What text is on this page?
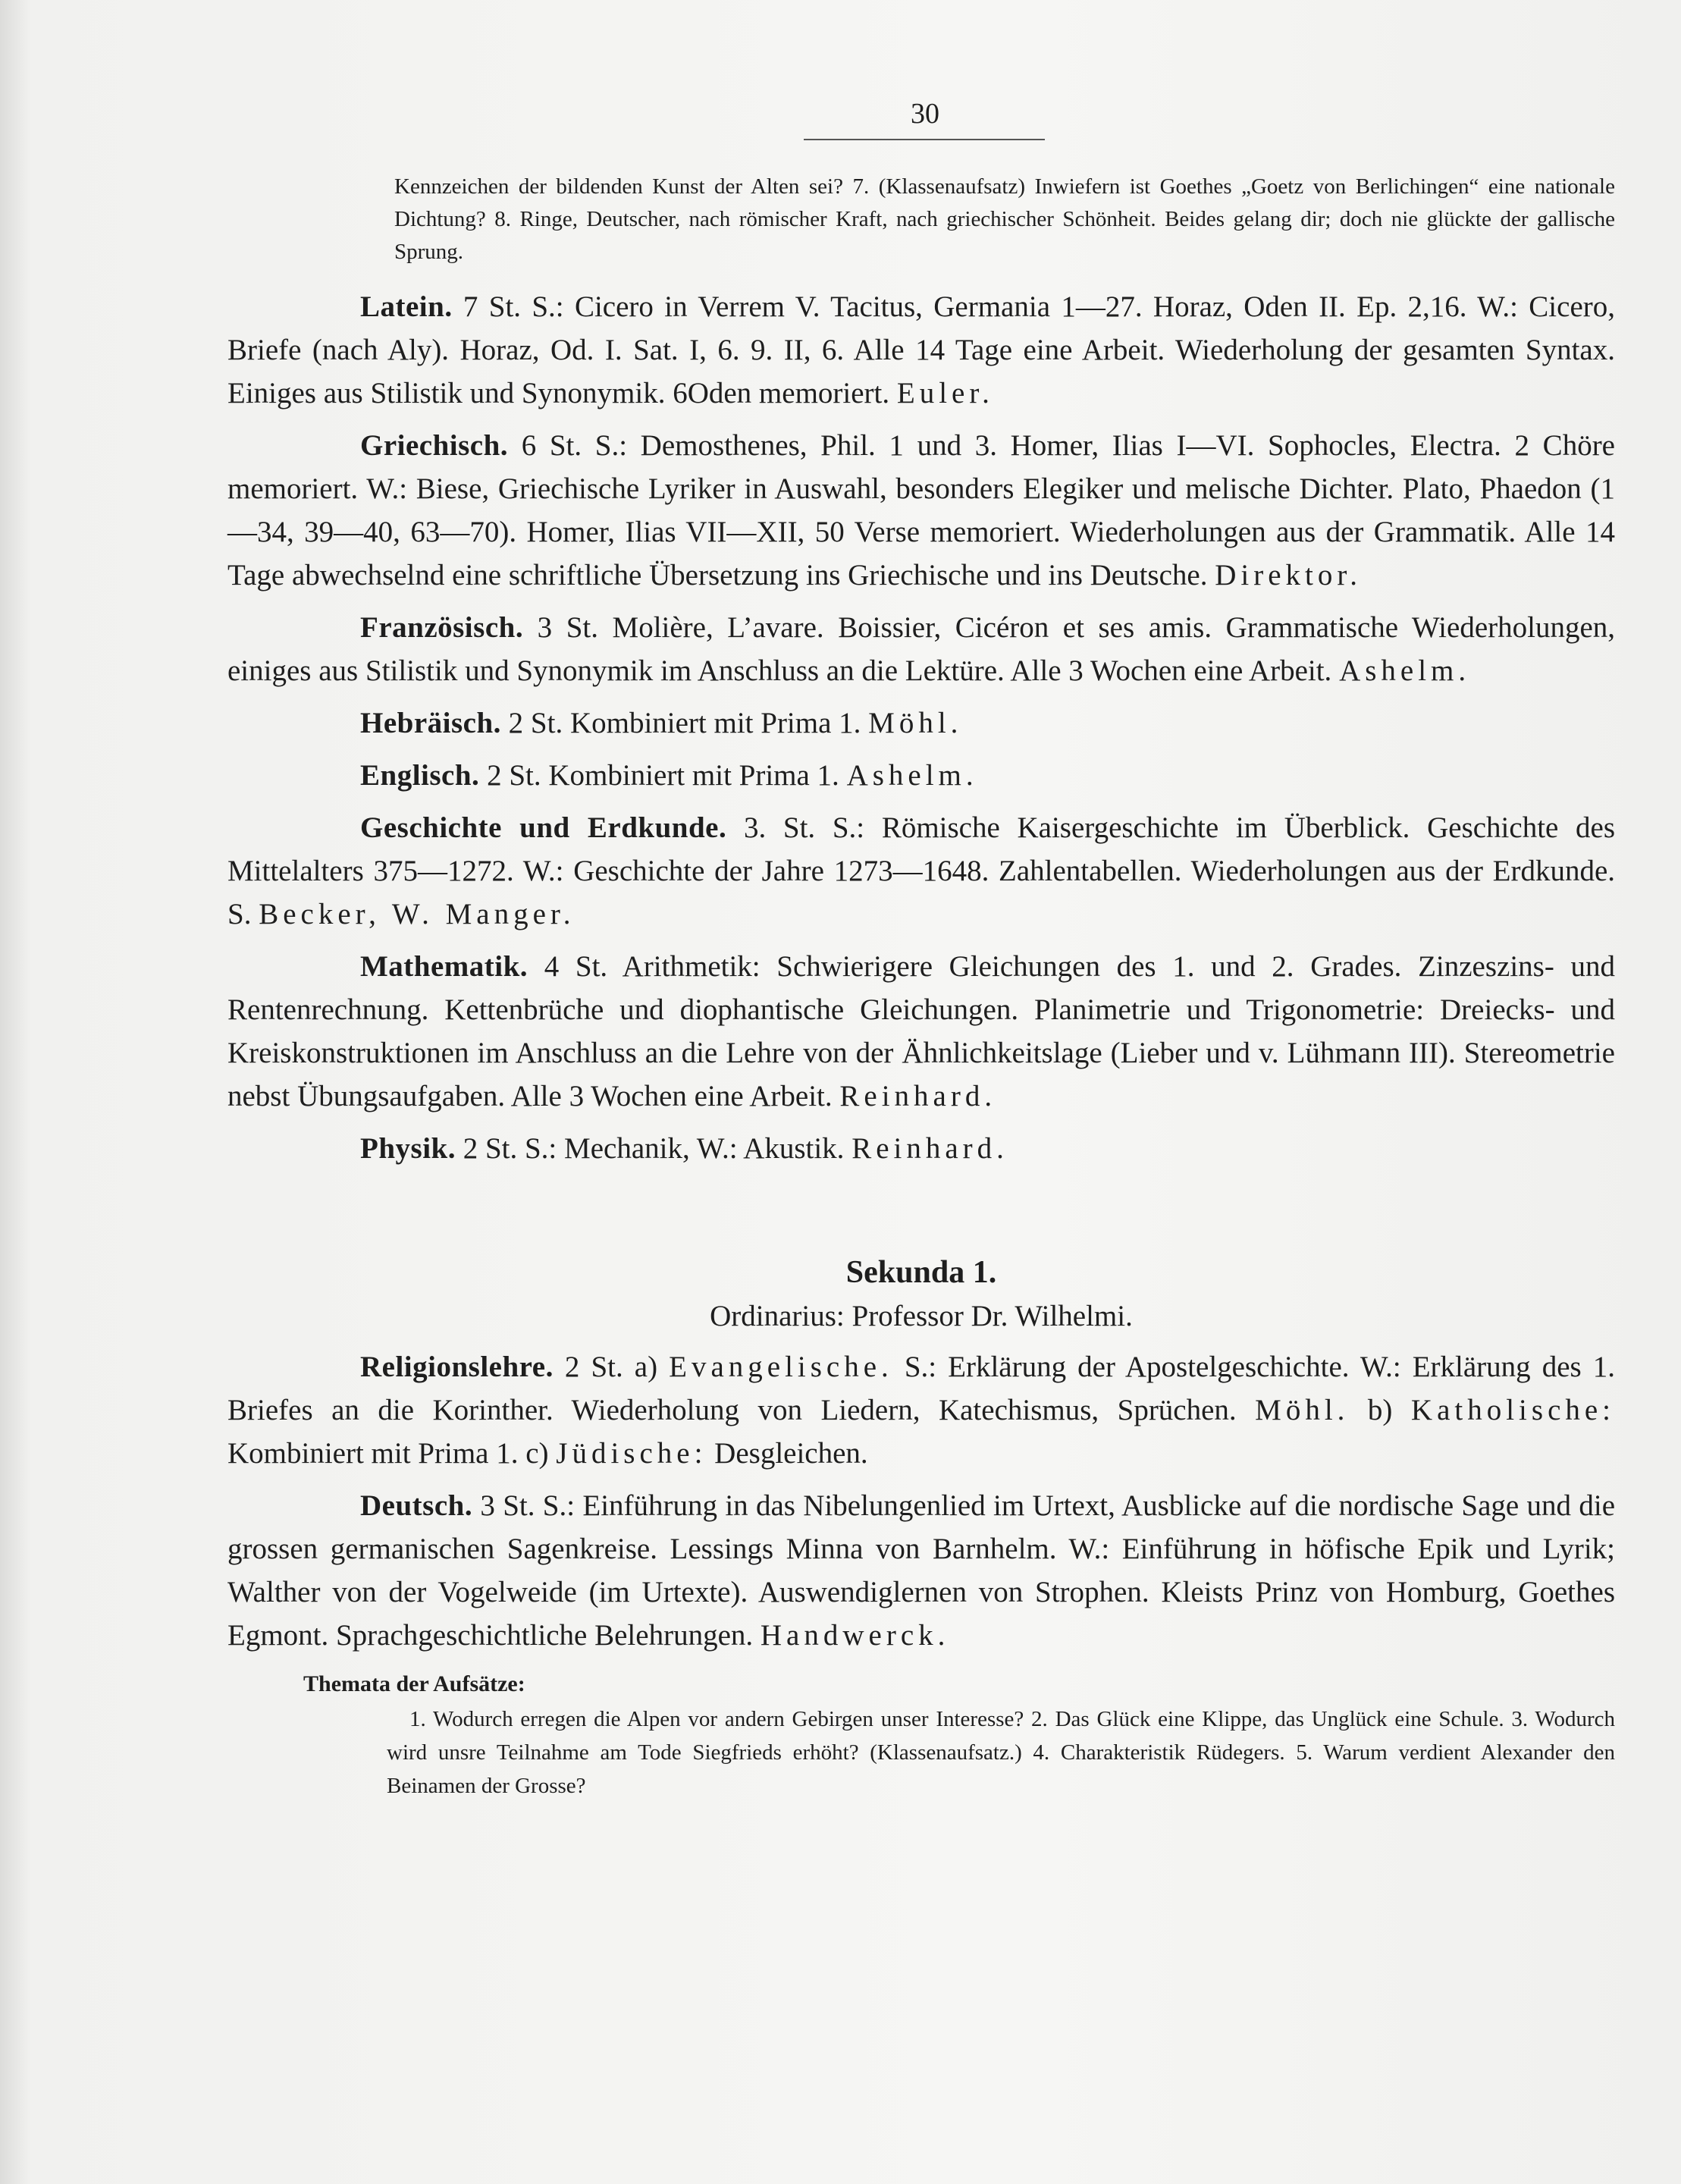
30

Kennzeichen der bildenden Kunst der Alten sei? 7. (Klassenaufsatz) Inwiefern ist Goethes „Goetz von Berlichingen“ eine nationale Dichtung? 8. Ringe, Deutscher, nach römischer Kraft, nach griechischer Schönheit. Beides gelang dir; doch nie glückte der gallische Sprung.

Latein. 7 St. S.: Cicero in Verrem V. Tacitus, Germania 1—27. Horaz, Oden II. Ep. 2,16. W.: Cicero, Briefe (nach Aly). Horaz, Od. I. Sat. I, 6. 9. II, 6. Alle 14 Tage eine Arbeit. Wiederholung der gesamten Syntax. Einiges aus Stilistik und Synonymik. 6Oden memoriert. Euler.

Griechisch. 6 St. S.: Demosthenes, Phil. 1 und 3. Homer, Ilias I—VI. Sophocles, Electra. 2 Chöre memoriert. W.: Biese, Griechische Lyriker in Auswahl, besonders Elegiker und melische Dichter. Plato, Phaedon (1—34, 39—40, 63—70). Homer, Ilias VII—XII, 50 Verse memoriert. Wiederholungen aus der Grammatik. Alle 14 Tage abwechselnd eine schriftliche Übersetzung ins Griechische und ins Deutsche. Direktor.

Französisch. 3 St. Molière, L’avare. Boissier, Cicéron et ses amis. Grammatische Wiederholungen, einiges aus Stilistik und Synonymik im Anschluss an die Lektüre. Alle 3 Wochen eine Arbeit. Ashelm.

Hebräisch. 2 St. Kombiniert mit Prima 1. Möhl.

Englisch. 2 St. Kombiniert mit Prima 1. Ashelm.

Geschichte und Erdkunde. 3. St. S.: Römische Kaisergeschichte im Überblick. Geschichte des Mittelalters 375—1272. W.: Geschichte der Jahre 1273—1648. Zahlentabellen. Wiederholungen aus der Erdkunde. S. Becker, W. Manger.

Mathematik. 4 St. Arithmetik: Schwierigere Gleichungen des 1. und 2. Grades. Zinzeszins- und Rentenrechnung. Kettenbrüche und diophantische Gleichungen. Planimetrie und Trigonometrie: Dreiecks- und Kreiskonstruktionen im Anschluss an die Lehre von der Ähnlichkeitslage (Lieber und v. Lühmann III). Stereometrie nebst Übungsaufgaben. Alle 3 Wochen eine Arbeit. Reinhard.

Physik. 2 St. S.: Mechanik, W.: Akustik. Reinhard.

Sekunda 1.
Ordinarius: Professor Dr. Wilhelmi.

Religionslehre. 2 St. a) Evangelische. S.: Erklärung der Apostelgeschichte. W.: Erklärung des 1. Briefes an die Korinther. Wiederholung von Liedern, Katechismus, Sprüchen. Möhl. b) Katholische: Kombiniert mit Prima 1. c) Jüdische: Desgleichen.

Deutsch. 3 St. S.: Einführung in das Nibelungenlied im Urtext, Ausblicke auf die nordische Sage und die grossen germanischen Sagenkreise. Lessings Minna von Barnhelm. W.: Einführung in höfische Epik und Lyrik; Walther von der Vogelweide (im Urtexte). Auswendiglernen von Strophen. Kleists Prinz von Homburg, Goethes Egmont. Sprachgeschichtliche Belehrungen. Handwerck.

Themata der Aufsätze:

1. Wodurch erregen die Alpen vor andern Gebirgen unser Interesse? 2. Das Glück eine Klippe, das Unglück eine Schule. 3. Wodurch wird unsre Teilnahme am Tode Siegfrieds erhöht? (Klassenaufsatz.) 4. Charakteristik Rüdegers. 5. Warum verdient Alexander den Beinamen der Grosse?
